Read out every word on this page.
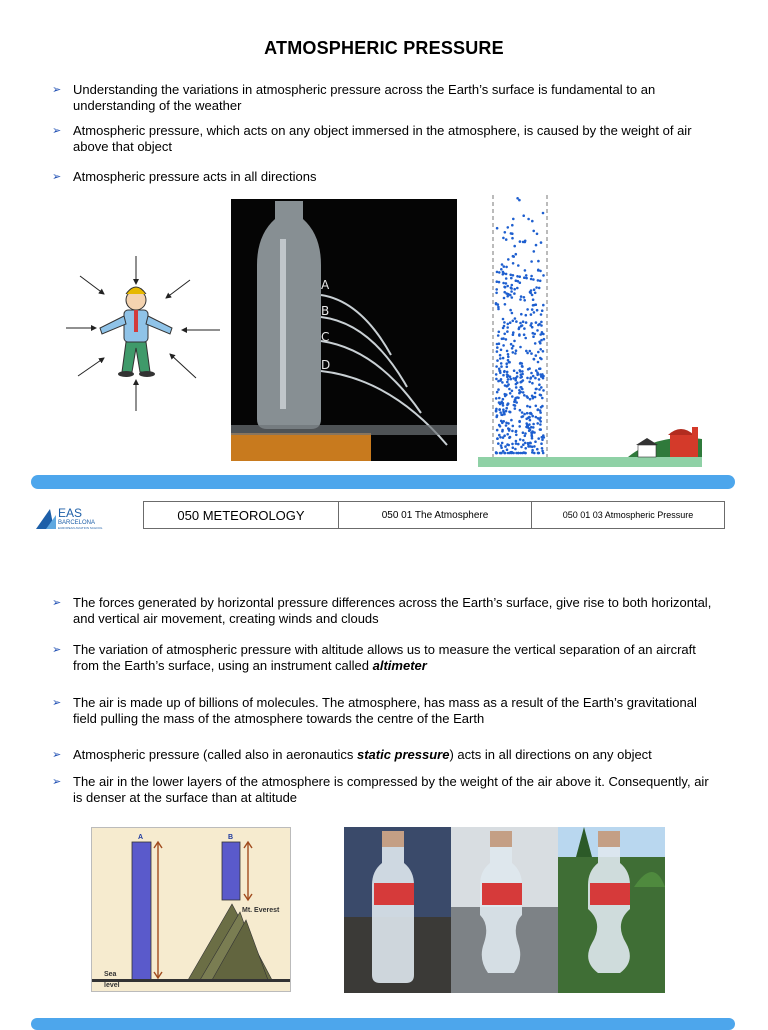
ATMOSPHERIC PRESSURE
➢ Understanding the variations in atmospheric pressure across the Earth’s surface is fundamental to an understanding of the weather
➢ Atmospheric pressure, which acts on any object immersed in the atmosphere, is caused by the weight of air above that object
➢ Atmospheric pressure acts in all directions
A
B
C
D
EAS
BARCELONA
EUROPEAN AVIATION SCHOOL
050 METEOROLOGY	050 01 The Atmosphere	050 01 03 Atmospheric Pressure
➢ The forces generated by horizontal pressure differences across the Earth’s surface, give rise to both horizontal, and vertical air movement, creating winds and clouds
➢ The variation of atmospheric pressure with altitude allows us to measure the vertical separation of an aircraft from the Earth’s surface, using an instrument called altimeter
➢ The air is made up of billions of molecules. The atmosphere, has mass as a result of the Earth’s gravitational field pulling the mass of the atmosphere towards the centre of the Earth
➢ Atmospheric pressure (called also in aeronautics static pressure) acts in all directions on any object
➢ The air in the lower layers of the atmosphere is compressed by the weight of the air above it. Consequently, air is denser at the surface than at altitude
A	B
Mt. Everest
Sea
level
